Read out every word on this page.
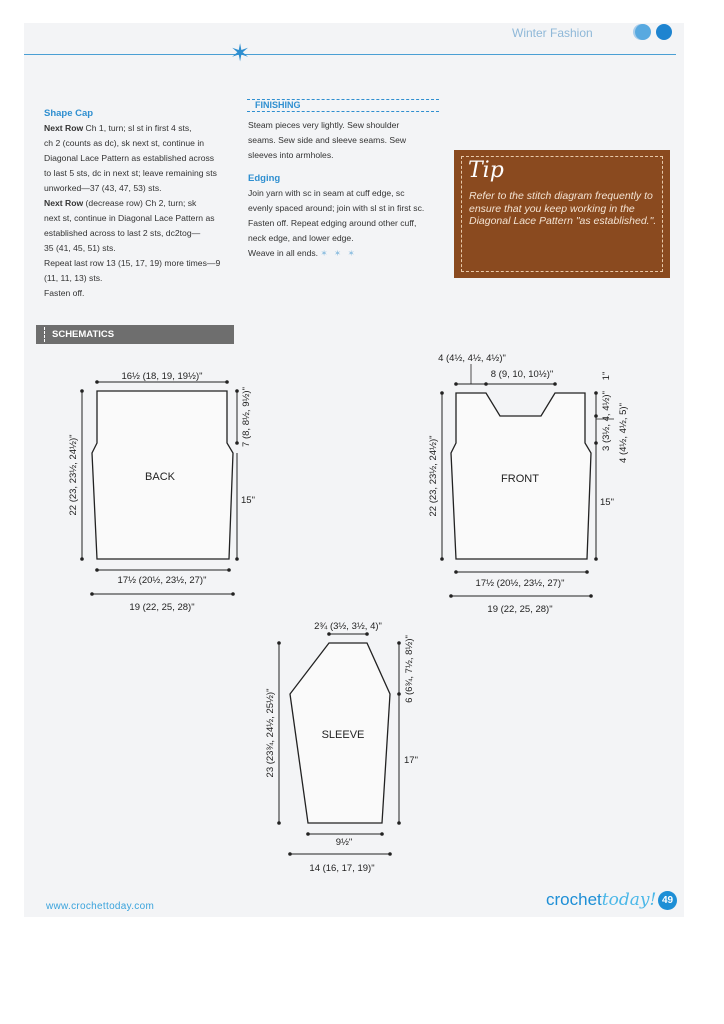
Winter Fashion
✶

Shape Cap

Next Row Ch 1, turn; sl st in first 4 sts,

ch 2 (counts as dc), sk next st, continue in

Diagonal Lace Pattern as established across

to last 5 sts, dc in next st; leave remaining sts

unworked—37 (43, 47, 53) sts.

Next Row (decrease row) Ch 2, turn; sk

next st, continue in Diagonal Lace Pattern as

established across to last 2 sts, dc2tog—

35 (41, 45, 51) sts.

Repeat last row 13 (15, 17, 19) more times—9

(11, 11, 13) sts.

Fasten off.

FINISHING

Steam pieces very lightly. Sew shoulder

seams. Sew side and sleeve seams. Sew

sleeves into armholes.

Edging

Join yarn with sc in seam at cuff edge, sc

evenly spaced around; join with sl st in first sc.

Fasten off. Repeat edging around other cuff,

neck edge, and lower edge.

Weave in all ends. ✶ ✶ ✶

Tip
Refer to the stitch diagram frequently to ensure that you keep working in the Diagonal Lace Pattern "as established.".
SCHEMATICS
BACK
16½ (18, 19, 19½)"
7 (8, 8½, 9½)"
22 (23, 23½, 24½)"	15"
17½ (20½, 23½, 27)"
19 (22, 25, 28)"
FRONT
4 (4½, 4½, 4½)"
8 (9, 10, 10½)"	1"
3 (3½, 4, 4½)" 4 (4½, 4½, 5)"
15"
22 (23, 23½, 24½)"
17½ (20½, 23½, 27)"
19 (22, 25, 28)"
SLEEVE
2¾ (3½, 3½, 4)"
6 (6¾, 7½, 8½)"
17"
23 (23¾, 24½, 25½)"
9½"
14 (16, 17, 19)"
www.crochettoday.com	crochettoday! 49
